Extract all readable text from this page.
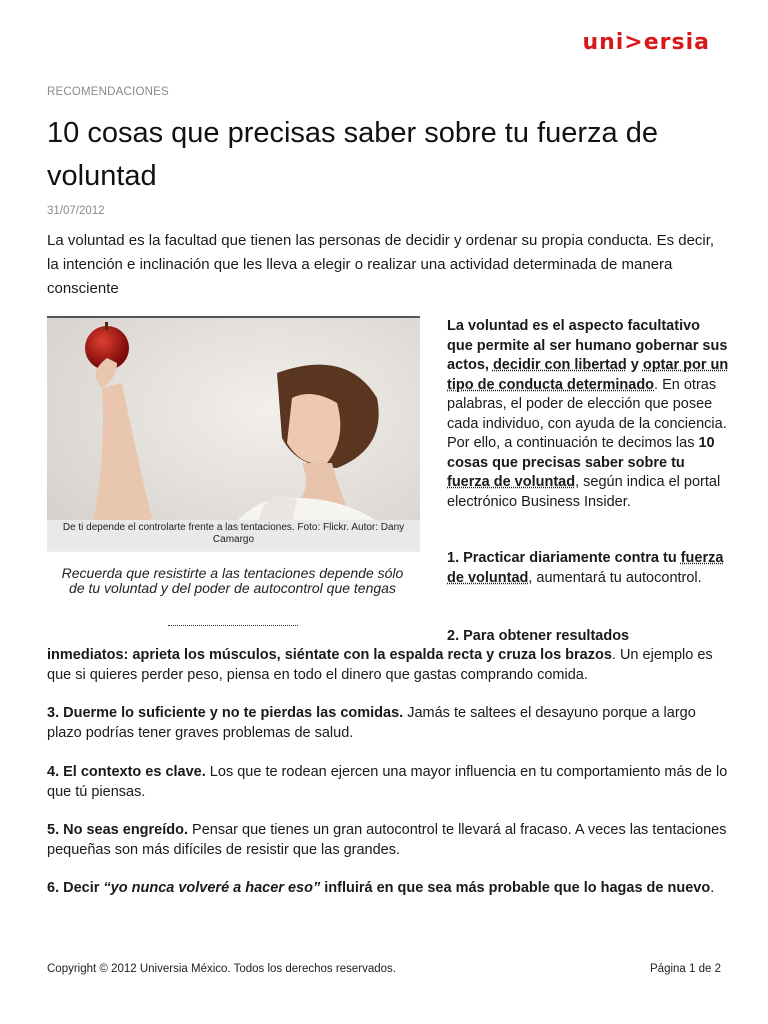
uni>ersia
RECOMENDACIONES
10 cosas que precisas saber sobre tu fuerza de voluntad
31/07/2012

La voluntad es la facultad que tienen las personas de decidir y ordenar su propia conducta. Es decir, la intención e inclinación que les lleva a elegir o realizar una actividad determinada de manera consciente

De ti depende el controlarte frente a las tentaciones. Foto: Flickr. Autor: Dany Camargo

Recuerda que resistirte a las tentaciones depende sólo de tu voluntad y del poder de autocontrol que tengas

La voluntad es el aspecto facultativo que permite al ser humano gobernar sus actos, decidir con libertad y optar por un tipo de conducta determinado. En otras palabras, el poder de elección que posee cada individuo, con ayuda de la conciencia. Por ello, a continuación te decimos las 10 cosas que precisas saber sobre tu fuerza de voluntad, según indica el portal electrónico Business Insider.

1. Practicar diariamente contra tu fuerza de voluntad, aumentará tu autocontrol.

2. Para obtener resultados

inmediatos: aprieta los músculos, siéntate con la espalda recta y cruza los brazos. Un ejemplo es que si quieres perder peso, piensa en todo el dinero que gastas comprando comida.

3. Duerme lo suficiente y no te pierdas las comidas. Jamás te saltees el desayuno porque a largo plazo podrías tener graves problemas de salud.

4. El contexto es clave. Los que te rodean ejercen una mayor influencia en tu comportamiento más de lo que tú piensas.

5. No seas engreído. Pensar que tienes un gran autocontrol te llevará al fracaso. A veces las tentaciones pequeñas son más difíciles de resistir que las grandes.

6. Decir “yo nunca volveré a hacer eso” influirá en que sea más probable que lo hagas de nuevo.

Copyright © 2012 Universia México. Todos los derechos reservados.	Página 1 de 2
